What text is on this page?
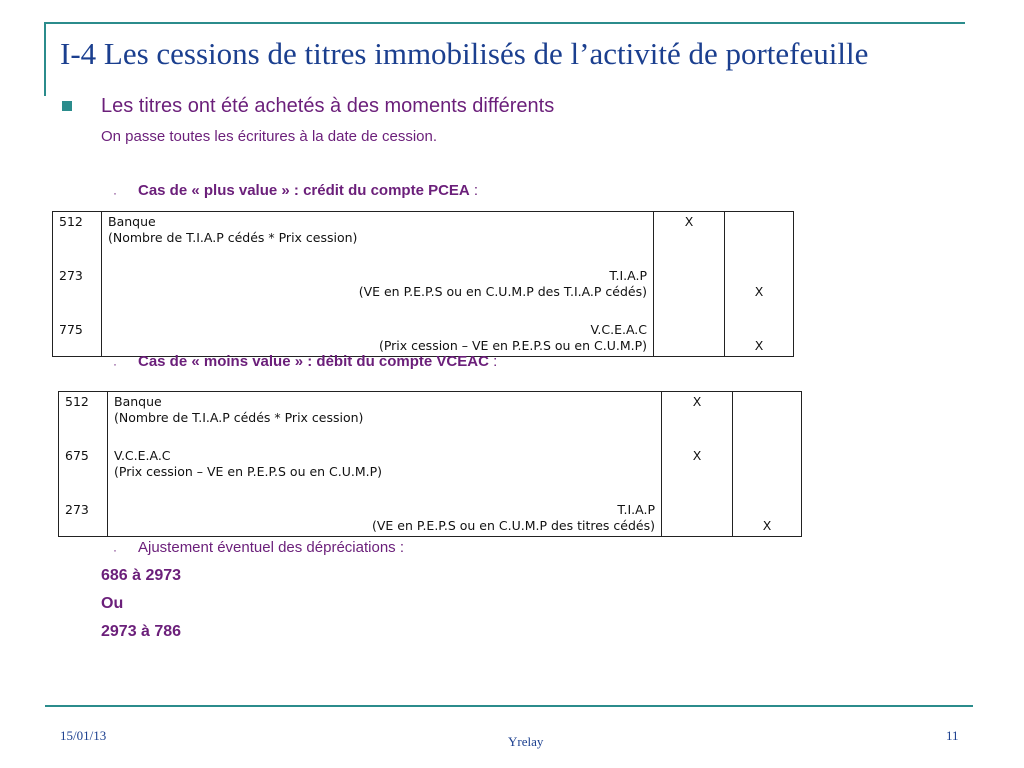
I-4 Les cessions de titres immobilisés de l’activité de portefeuille
Les titres ont été achetés à des moments différents
On passe toutes les écritures à la date de cession.
· Cas de « plus value » : crédit du compte PCEA :
512	Banque
(Nombre de T.I.A.P cédés * Prix cession)	X	
273	T.I.A.P
(VE en P.E.P.S ou en C.U.M.P des T.I.A.P cédés)		X
775	V.C.E.A.C
(Prix cession – VE en P.E.P.S ou en C.U.M.P)		X
· Cas de « moins value » : débit du compte VCEAC :
512	Banque
(Nombre de T.I.A.P cédés * Prix cession)	X	
675	V.C.E.A.C
(Prix cession – VE en P.E.P.S ou en C.U.M.P)	X	
273	T.I.A.P
(VE en P.E.P.S ou en C.U.M.P des titres cédés)		X
· Ajustement éventuel des dépréciations :
686 à 2973
Ou
2973 à 786
15/01/13	Yrelay	11
